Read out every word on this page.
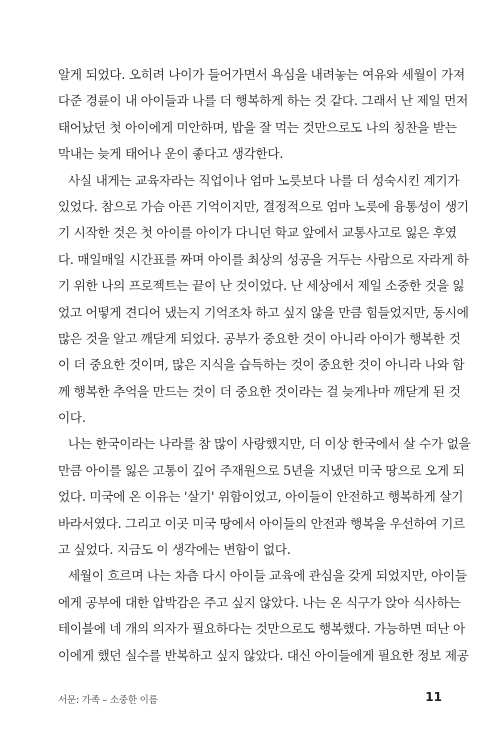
알게 되었다. 오히려 나이가 들어가면서 욕심을 내려놓는 여유와 세월이 가져
다준 경륜이 내 아이들과 나를 더 행복하게 하는 것 같다. 그래서 난 제일 먼저
태어났던 첫 아이에게 미안하며, 밥을 잘 먹는 것만으로도 나의 칭찬을 받는
막내는 늦게 태어나 운이 좋다고 생각한다.
사실 내게는 교육자라는 직업이나 엄마 노릇보다 나를 더 성숙시킨 계기가
있었다. 참으로 가슴 아픈 기억이지만, 결정적으로 엄마 노릇에 융통성이 생기
기 시작한 것은 첫 아이를 아이가 다니던 학교 앞에서 교통사고로 잃은 후였
다. 매일매일 시간표를 짜며 아이를 최상의 성공을 거두는 사람으로 자라게 하
기 위한 나의 프로젝트는 끝이 난 것이었다. 난 세상에서 제일 소중한 것을 잃
었고 어떻게 견디어 냈는지 기억조차 하고 싶지 않을 만큼 힘들었지만, 동시에
많은 것을 알고 깨닫게 되었다. 공부가 중요한 것이 아니라 아이가 행복한 것
이 더 중요한 것이며, 많은 지식을 습득하는 것이 중요한 것이 아니라 나와 함
께 행복한 추억을 만드는 것이 더 중요한 것이라는 걸 늦게나마 깨닫게 된 것
이다.
나는 한국이라는 나라를 참 많이 사랑했지만, 더 이상 한국에서 살 수가 없을
만큼 아이를 잃은 고통이 깊어 주재원으로 5년을 지냈던 미국 땅으로 오게 되
었다. 미국에 온 이유는 '살기' 위함이었고, 아이들이 안전하고 행복하게 살기
바라서였다. 그리고 이곳 미국 땅에서 아이들의 안전과 행복을 우선하여 기르
고 싶었다. 지금도 이 생각에는 변함이 없다.
세월이 흐르며 나는 차츰 다시 아이들 교육에 관심을 갖게 되었지만, 아이들
에게 공부에 대한 압박감은 주고 싶지 않았다. 나는 온 식구가 앉아 식사하는
테이블에 네 개의 의자가 필요하다는 것만으로도 행복했다. 가능하면 떠난 아
이에게 했던 실수를 반복하고 싶지 않았다. 대신 아이들에게 필요한 정보 제공
서문: 가족 – 소중한 이름	11
